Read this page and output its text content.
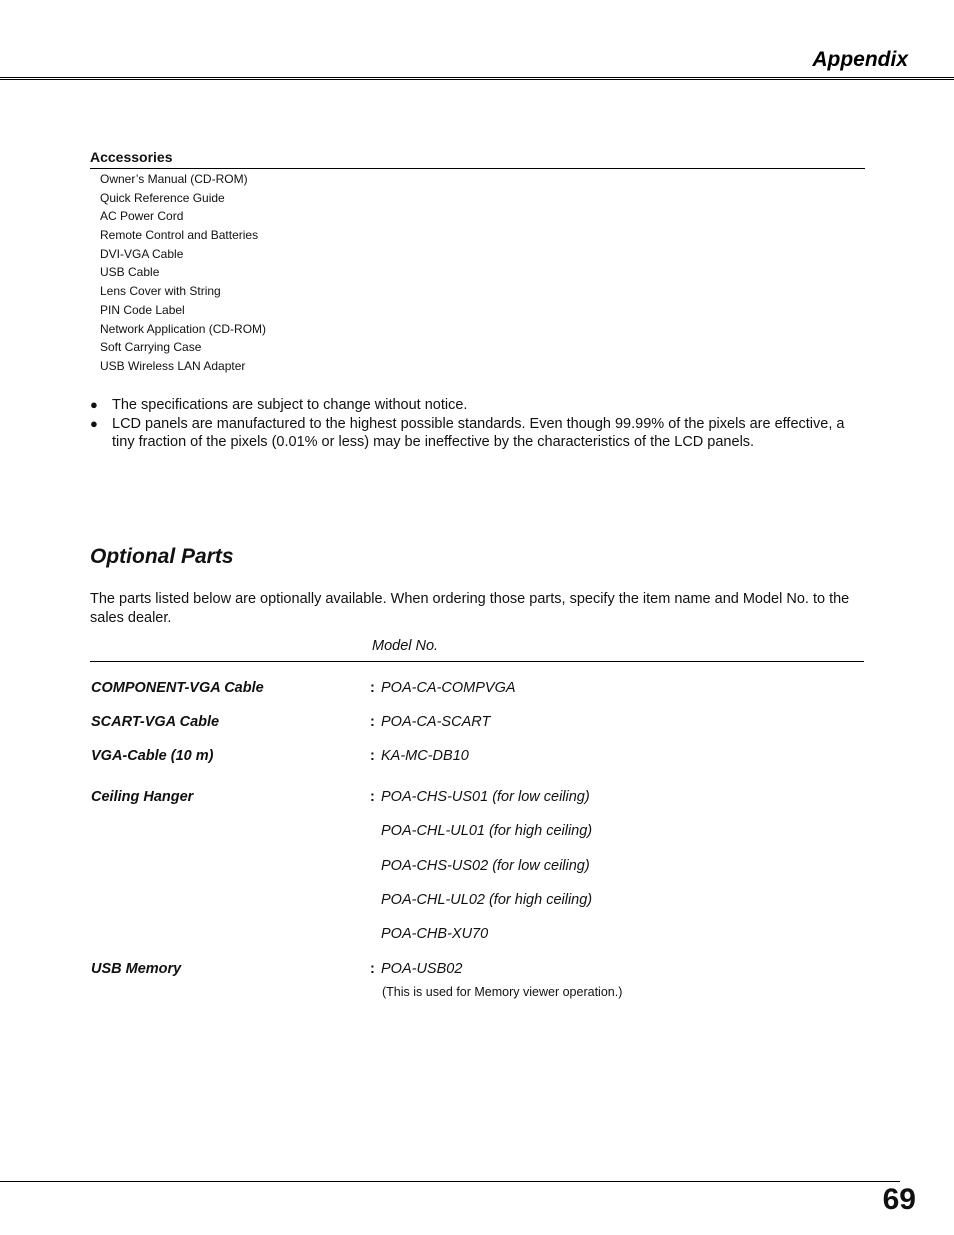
Appendix
Accessories
Owner’s Manual (CD-ROM)
Quick Reference Guide
AC Power Cord
Remote Control and Batteries
DVI-VGA Cable
USB Cable
Lens Cover with String
PIN Code Label
Network Application (CD-ROM)
Soft Carrying Case
USB Wireless LAN Adapter
● The specifications are subject to change without notice.
● LCD panels are manufactured to the highest possible standards. Even though 99.99% of the pixels are effective, a tiny fraction of the pixels (0.01% or less) may be ineffective by the characteristics of the LCD panels.
Optional Parts
The parts listed below are optionally available. When ordering those parts, specify the item name and Model No. to the sales dealer.
Model No.
COMPONENT-VGA Cable	: POA-CA-COMPVGA
SCART-VGA Cable	: POA-CA-SCART
VGA-Cable (10 m)	: KA-MC-DB10
Ceiling Hanger	: POA-CHS-US01 (for low ceiling)
POA-CHL-UL01 (for high ceiling)
POA-CHS-US02 (for low ceiling)
POA-CHL-UL02 (for high ceiling)
POA-CHB-XU70
USB Memory	: POA-USB02
(This is used for Memory viewer operation.)
69
